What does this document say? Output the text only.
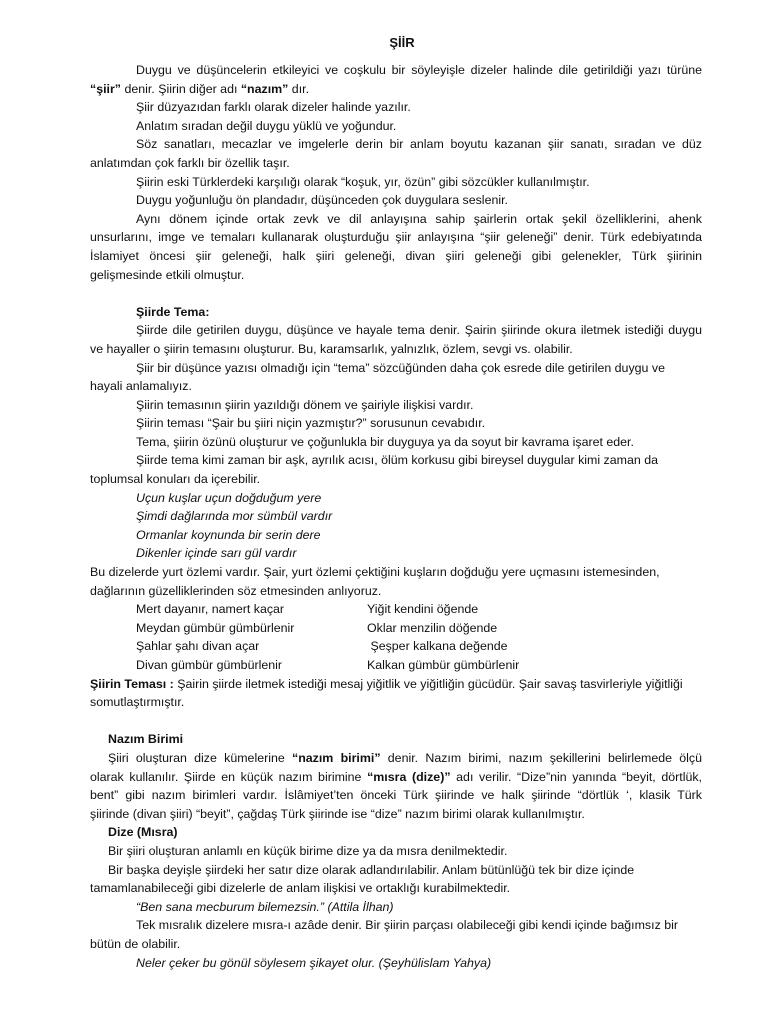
ŞİİR
Duygu ve düşüncelerin etkileyici ve coşkulu bir söyleyişle dizeler halinde dile getirildiği yazı türüne
“şiir” denir. Şiirin diğer adı “nazım” dır.
Şiir düzyazıdan farklı olarak dizeler halinde yazılır.
Anlatım sıradan değil duygu yüklü ve yoğundur.
Söz sanatları, mecazlar ve imgelerle derin bir anlam boyutu kazanan şiir sanatı, sıradan ve düz
anlatımdan çok farklı bir özellik taşır.
Şiirin eski Türklerdeki karşılığı olarak “koşuk, yır, özün” gibi sözcükler kullanılmıştır.
Duygu yoğunluğu ön plandadır, düşünceden çok duygulara seslenir.
Aynı dönem içinde ortak zevk ve dil anlayışına sahip şairlerin ortak şekil özelliklerini, ahenk
unsurlarını, imge ve temaları kullanarak oluşturduğu şiir anlayışına “şiir geleneği” denir. Türk edebiyatında
İslamiyet öncesi şiir geleneği, halk şiiri geleneği, divan şiiri geleneği gibi gelenekler, Türk şiirinin
gelişmesinde etkili olmuştur.
Şiirde Tema:
Şiirde dile getirilen duygu, düşünce ve hayale tema denir. Şairin şiirinde okura iletmek istediği duygu
ve hayaller o şiirin temasını oluşturur. Bu, karamsarlık, yalnızlık, özlem, sevgi vs. olabilir.
Şiir bir düşünce yazısı olmadığı için “tema” sözcüğünden daha çok esrede dile getirilen duygu ve
hayali anlamalıyız.
Şiirin temasının şiirin yazıldığı dönem ve şairiyle ilişkisi vardır.
Şiirin teması “Şair bu şiiri niçin yazmıştır?” sorusunun cevabıdır.
Tema, şiirin özünü oluşturur ve çoğunlukla bir duyguya ya da soyut bir kavrama işaret eder.
Şiirde tema kimi zaman bir aşk, ayrılık acısı, ölüm korkusu gibi bireysel duygular kimi zaman da
toplumsal konuları da içerebilir.
Uçun kuşlar uçun doğduğum yere
Şimdi dağlarında mor sümbül vardır
Ormanlar koynunda bir serin dere
Dikenler içinde sarı gül vardır
Bu dizelerde yurt özlemi vardır. Şair, yurt özlemi çektiğini kuşların doğduğu yere uçmasını istemesinden,
dağlarının güzelliklerinden söz etmesinden anlıyoruz.
Mert dayanır, namert kaçar	Yiğit kendini öğende
Meydan gümbür gümbürlenir	Oklar menzilin döğende
Şahlar şahı divan açar	Şeşper kalkana değende
Divan gümbür gümbürlenir	Kalkan gümbür gümbürlenir
Şiirin Teması : Şairin şiirde iletmek istediği mesaj yiğitlik ve yiğitliğin gücüdür. Şair savaş tasvirleriyle yiğitliği
somutlaştırmıştır.
Nazım Birimi
Şiiri oluşturan dize kümelerine “nazım birimi” denir. Nazım birimi, nazım şekillerini belirlemede ölçü
olarak kullanılır. Şiirde en küçük nazım birimine “mısra (dize)” adı verilir. “Dize”nin yanında “beyit, dörtlük,
bent” gibi nazım birimleri vardır. İslâmiyet’ten önceki Türk şiirinde ve halk şiirinde “dörtlük ‘, klasik Türk
şiirinde (divan şiiri) “beyit”, çağdaş Türk şiirinde ise “dize” nazım birimi olarak kullanılmıştır.
Dize (Mısra)
Bir şiiri oluşturan anlamlı en küçük birime dize ya da mısra denilmektedir.
Bir başka deyişle şiirdeki her satır dize olarak adlandırılabilir. Anlam bütünlüğü tek bir dize içinde
tamamlanabileceği gibi dizelerle de anlam ilişkisi ve ortaklığı kurabilmektedir.
“Ben sana mecburum bilemezsin.” (Attila İlhan)
Tek mısralık dizelere mısra-ı azâde denir. Bir şiirin parçası olabileceği gibi kendi içinde bağımsız bir
bütün de olabilir.
Neler çeker bu gönül söylesem şikayet olur. (Şeyhülislam Yahya)
